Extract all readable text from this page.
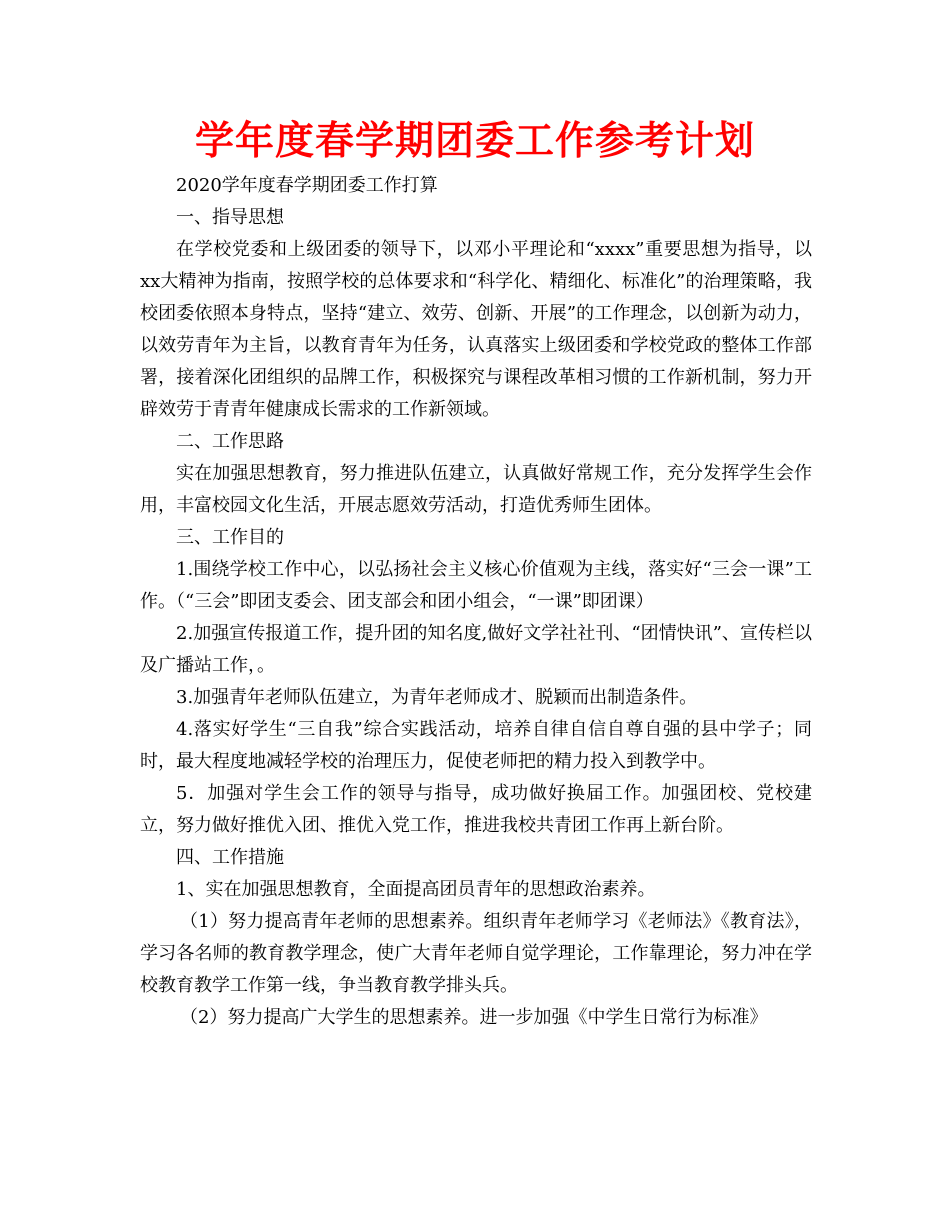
学年度春学期团委工作参考计划

2020学年度春学期团委工作打算

一、指导思想

在学校党委和上级团委的领导下，以邓小平理论和“xxxx”重要思想为指导，以xx大精神为指南，按照学校的总体要求和“科学化、精细化、标准化”的治理策略，我校团委依照本身特点，坚持“建立、效劳、创新、开展”的工作理念，以创新为动力，以效劳青年为主旨，以教育青年为任务，认真落实上级团委和学校党政的整体工作部署，接着深化团组织的品牌工作，积极探究与课程改革相习惯的工作新机制，努力开辟效劳于青青年健康成长需求的工作新领域。

二、工作思路

实在加强思想教育，努力推进队伍建立，认真做好常规工作，充分发挥学生会作用，丰富校园文化生活，开展志愿效劳活动，打造优秀师生团体。

三、工作目的

1.围绕学校工作中心，以弘扬社会主义核心价值观为主线，落实好“三会一课”工作。（“三会”即团支委会、团支部会和团小组会，“一课”即团课）

2.加强宣传报道工作，提升团的知名度,做好文学社社刊、“团情快讯”、宣传栏以及广播站工作，。

3.加强青年老师队伍建立，为青年老师成才、脱颖而出制造条件。

4.落实好学生“三自我”综合实践活动，培养自律自信自尊自强的县中学子；同时，最大程度地减轻学校的治理压力，促使老师把的精力投入到教学中。

5．加强对学生会工作的领导与指导，成功做好换届工作。加强团校、党校建立，努力做好推优入团、推优入党工作，推进我校共青团工作再上新台阶。

四、工作措施

1、实在加强思想教育，全面提高团员青年的思想政治素养。

（1）努力提高青年老师的思想素养。组织青年老师学习《老师法》《教育法》，学习各名师的教育教学理念，使广大青年老师自觉学理论，工作靠理论，努力冲在学校教育教学工作第一线，争当教育教学排头兵。

（2）努力提高广大学生的思想素养。进一步加强《中学生日常行为标准》
